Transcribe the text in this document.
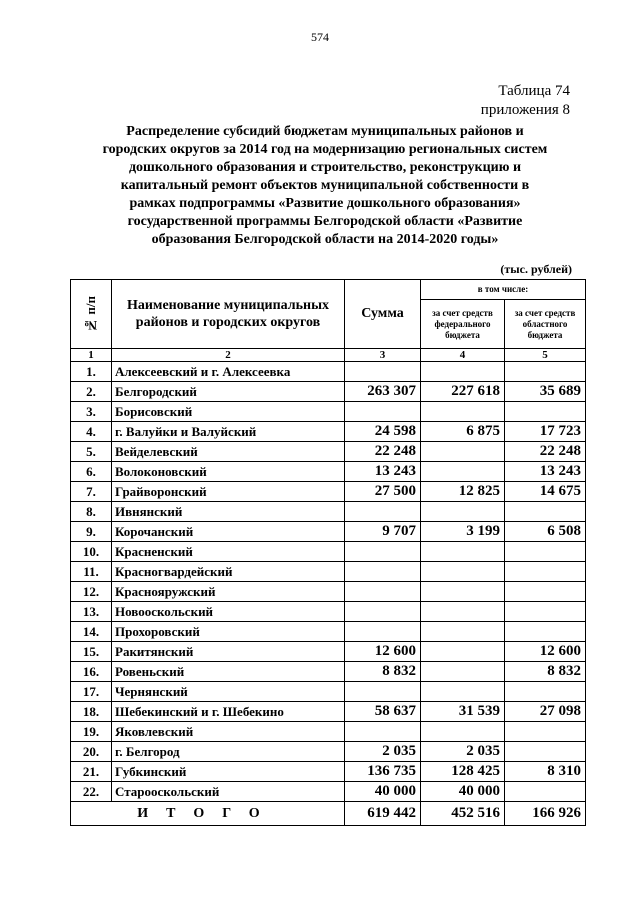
574
Таблица 74
приложения 8
Распределение субсидий бюджетам муниципальных районов и городских округов за 2014 год на модернизацию региональных систем дошкольного образования и строительство, реконструкцию и капитальный ремонт объектов муниципальной собственности в рамках подпрограммы «Развитие дошкольного образования» государственной программы Белгородской области «Развитие образования Белгородской области на 2014-2020 годы»
(тыс. рублей)
№ п/п	Наименование муниципальных районов и городских округов	Сумма	в том числе:	
			за счет средств федерального бюджета	за счет средств областного бюджета
1	2	3	4	5
1.	Алексеевский и г. Алексеевка			
2.	Белгородский	263 307	227 618	35 689
3.	Борисовский			
4.	г. Валуйки и Валуйский	24 598	6 875	17 723
5.	Вейделевский	22 248		22 248
6.	Волоконовский	13 243		13 243
7.	Грайворонский	27 500	12 825	14 675
8.	Ивнянский			
9.	Корочанский	9 707	3 199	6 508
10.	Красненский			
11.	Красногвардейский			
12.	Краснояружский			
13.	Новооскольский			
14.	Прохоровский			
15.	Ракитянский	12 600		12 600
16.	Ровеньский	8 832		8 832
17.	Чернянский			
18.	Шебекинский и г. Шебекино	58 637	31 539	27 098
19.	Яковлевский			
20.	г. Белгород	2 035	2 035	
21.	Губкинский	136 735	128 425	8 310
22.	Старооскольский	40 000	40 000	
ИТОГО		619 442	452 516	166 926
